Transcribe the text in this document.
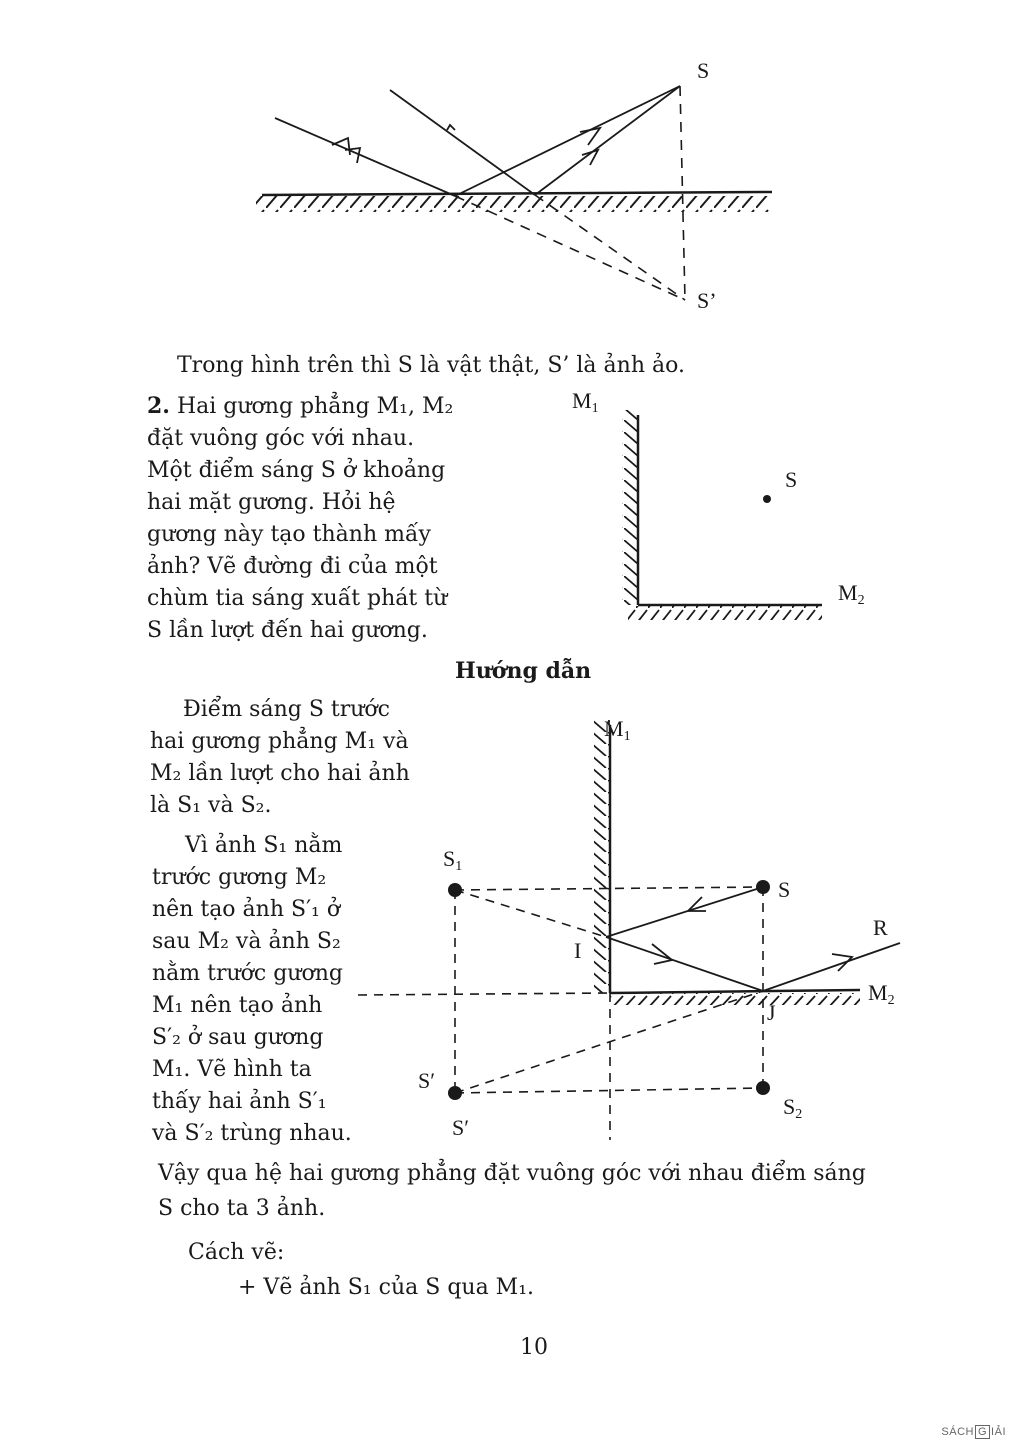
S
S’
Trong hình trên thì S là vật thật, S’ là ảnh ảo.
2. Hai gương phẳng M₁, M₂
đặt vuông góc với nhau.
Một điểm sáng S ở khoảng
hai mặt gương. Hỏi hệ
gương này tạo thành mấy
ảnh? Vẽ đường đi của một
chùm tia sáng xuất phát từ
S lần lượt đến hai gương.
M1
S
M2
Hướng dẫn
Điểm sáng S trước
hai gương phẳng M₁ và
M₂ lần lượt cho hai ảnh
là S₁ và S₂.
Vì ảnh S₁ nằm
trước gương M₂
nên tạo ảnh S′₁ ở
sau M₂ và ảnh S₂
nằm trước gương
M₁ nên tạo ảnh
S′₂ ở sau gương
M₁. Vẽ hình ta
thấy hai ảnh S′₁
và S′₂ trùng nhau.
M1
S1
S
I
R
M2
J
S′
S′
S2
Vậy qua hệ hai gương phẳng đặt vuông góc với nhau điểm sáng
S cho ta 3 ảnh.
Cách vẽ:
+ Vẽ ảnh S₁ của S qua M₁.
10
SÁCH G IẢI
